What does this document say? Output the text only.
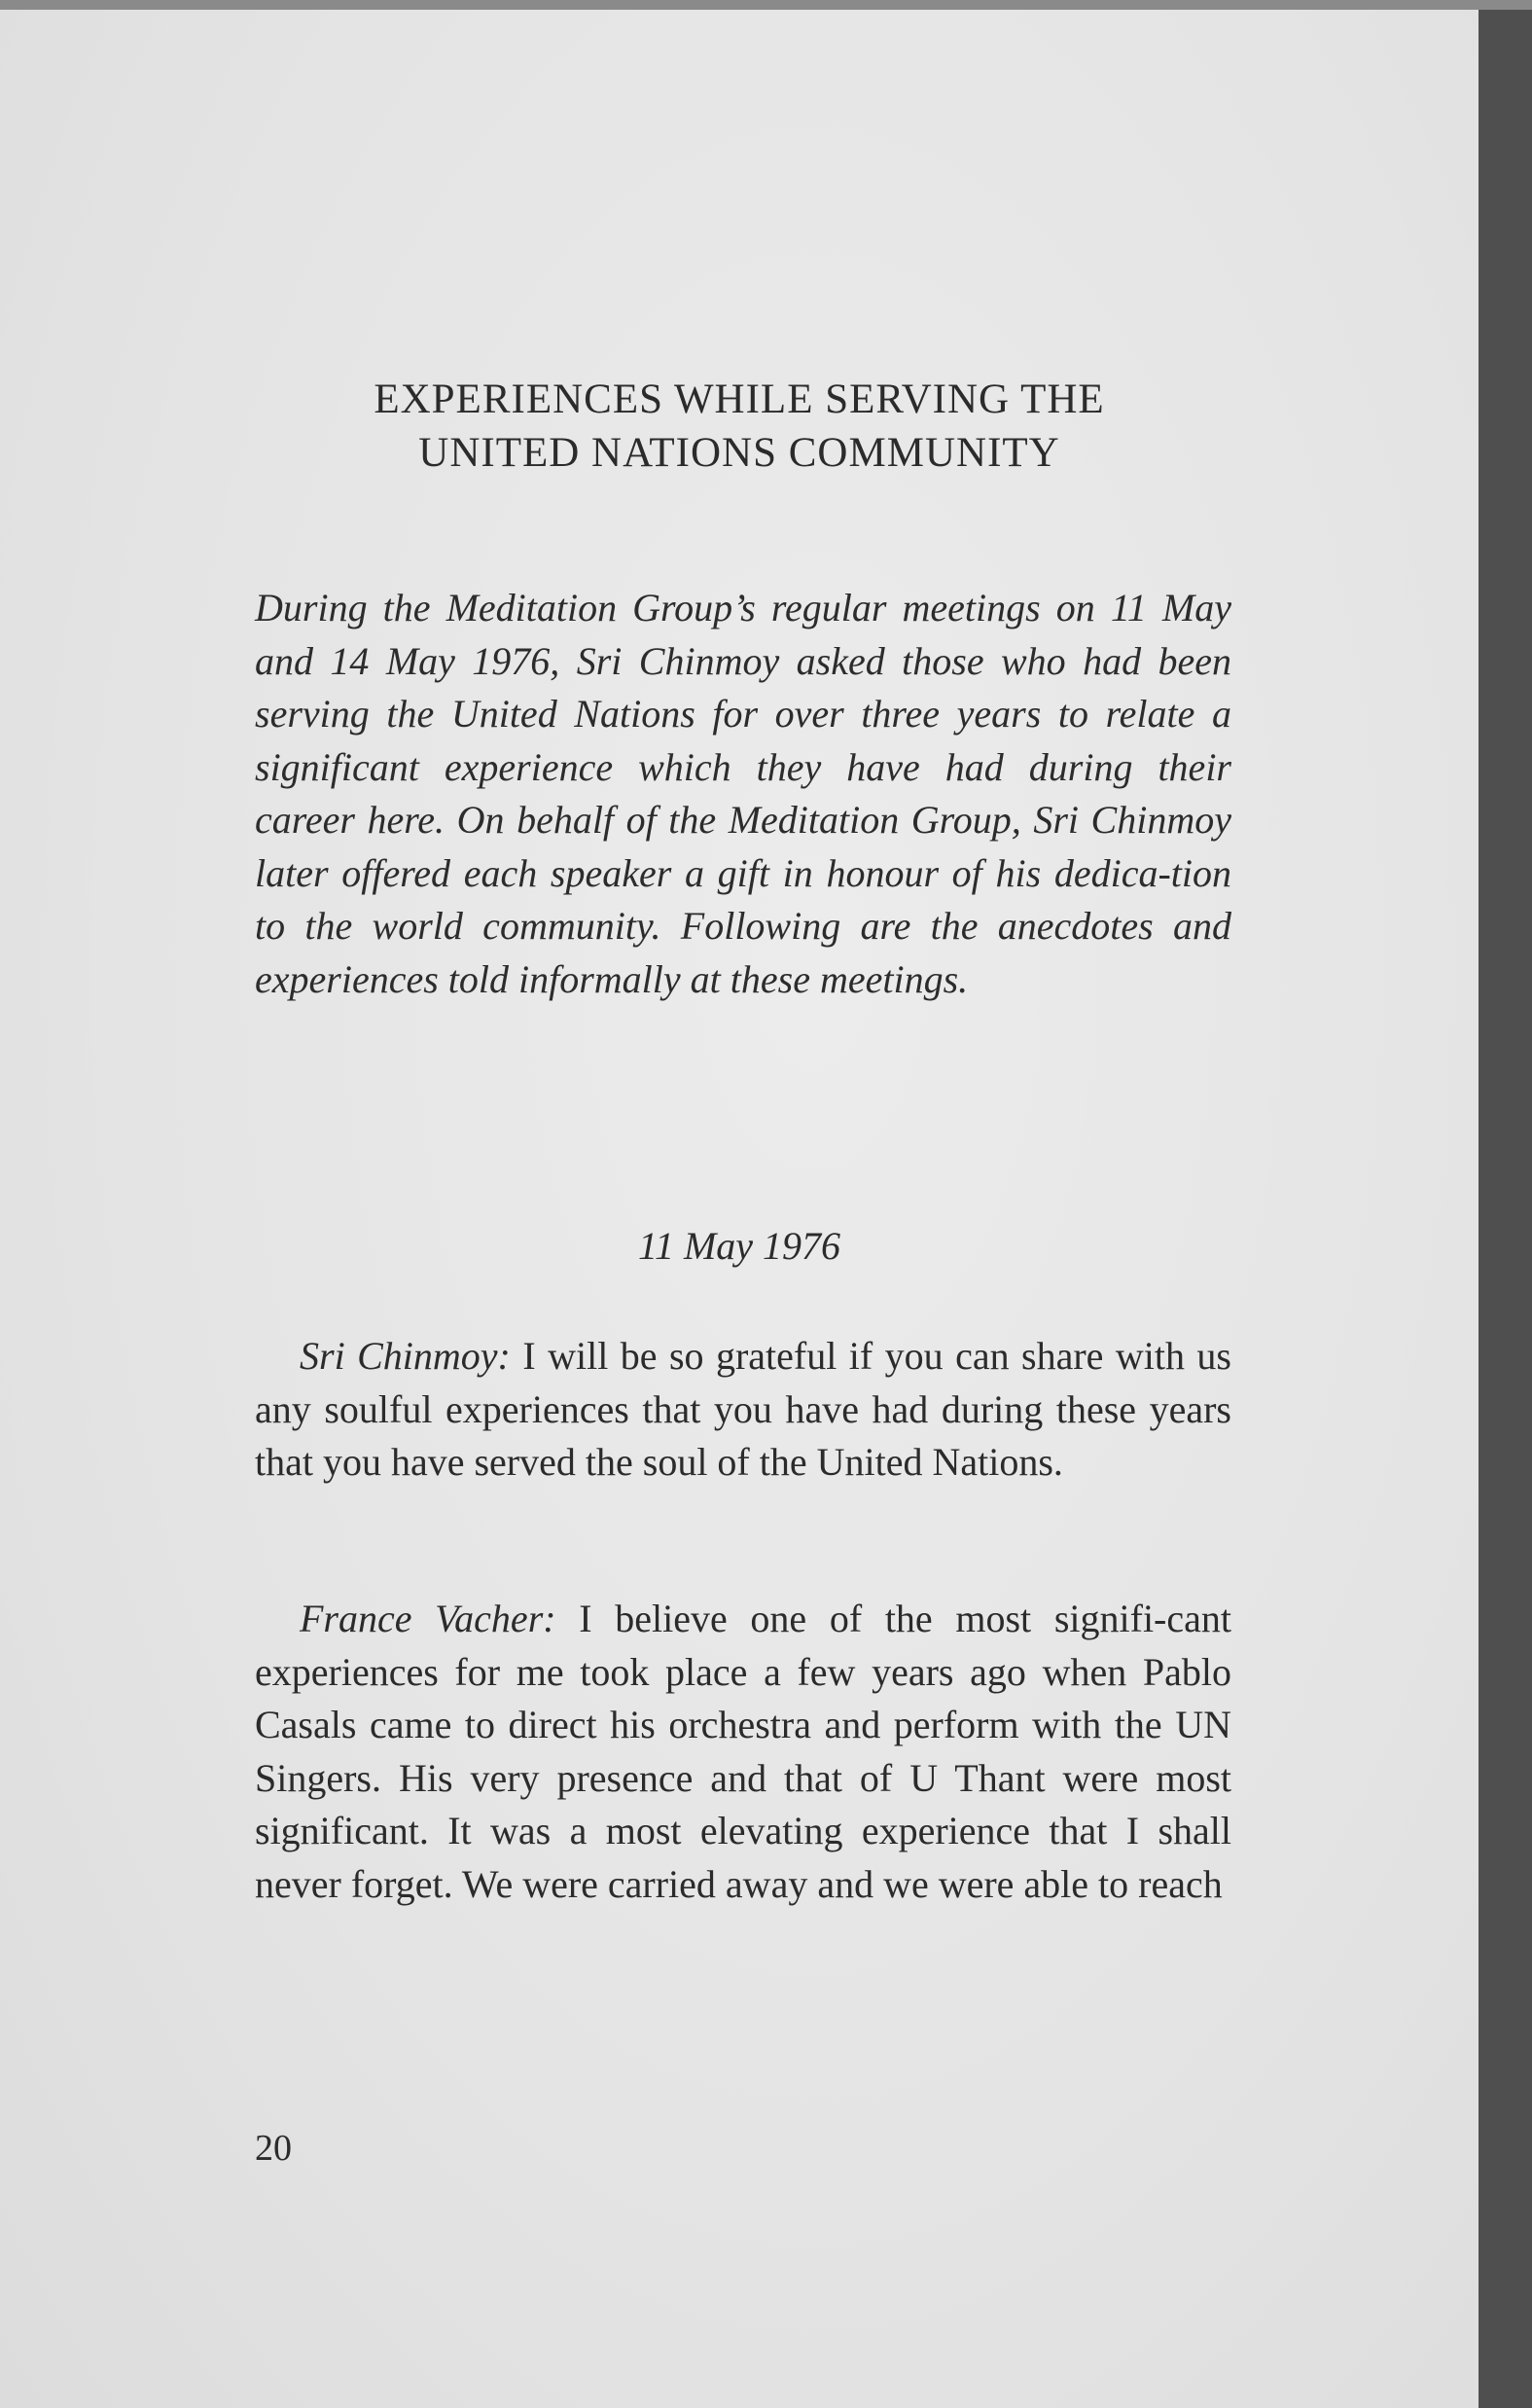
EXPERIENCES WHILE SERVING THE
UNITED NATIONS COMMUNITY

During the Meditation Group’s regular meetings on 11 May and 14 May 1976, Sri Chinmoy asked those who had been serving the United Nations for over three years to relate a significant experience which they have had during their career here. On behalf of the Meditation Group, Sri Chinmoy later offered each speaker a gift in honour of his dedica-tion to the world community. Following are the anecdotes and experiences told informally at these meetings.

11 May 1976

Sri Chinmoy: I will be so grateful if you can share with us any soulful experiences that you have had during these years that you have served the soul of the United Nations.

France Vacher: I believe one of the most signifi-cant experiences for me took place a few years ago when Pablo Casals came to direct his orchestra and perform with the UN Singers. His very presence and that of U Thant were most significant. It was a most elevating experience that I shall never forget. We were carried away and we were able to reach

20
